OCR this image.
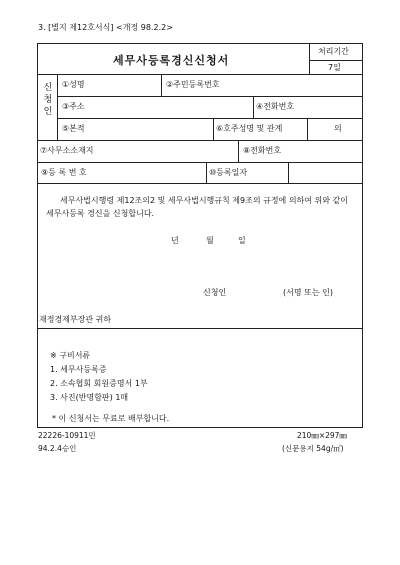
3. [별지 제12호서식] <개정 98.2.2>
세무사등록경신신청서
처리기간
7일
신청인
①성명	②주민등록번호
③주소	④전화번호
⑤본적	⑥호주성명 및 관계	의
⑦사무소소재지	⑧전화번호
⑨등 록 번 호	⑩등록일자
세무사법시행령 제12조의2 및 세무사법시행규칙 제9조의 규정에 의하여 위와 같이 세무사등록 경신을 신청합니다.
년	월	일
신청인	(서명 또는 인)
재정경제부장관 귀하
※ 구비서류
1. 세무사등록증
2. 소속협회 회원증명서 1부
3. 사진(반명함판) 1매
* 이 신청서는 무료로 배부합니다.
22226-10911민
94.2.4승인
210㎜×297㎜
(신문용지 54g/㎡)
